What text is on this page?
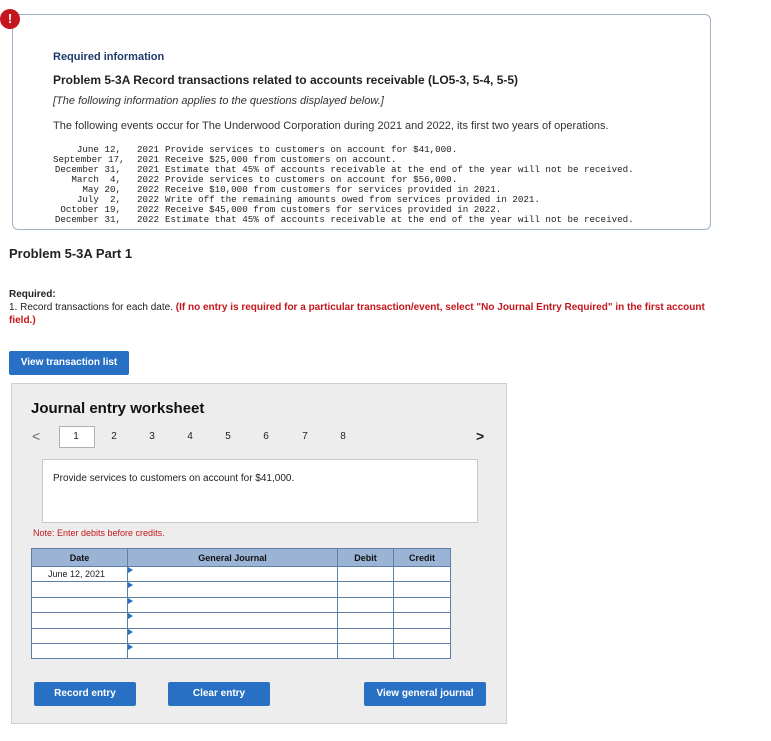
Required information
Problem 5-3A Record transactions related to accounts receivable (LO5-3, 5-4, 5-5)
[The following information applies to the questions displayed below.]
The following events occur for The Underwood Corporation during 2021 and 2022, its first two years of operations.
June 12,	2021 Provide services to customers on account for $41,000.
September 17,	2021 Receive $25,000 from customers on account.
December 31,	2021 Estimate that 45% of accounts receivable at the end of the year will not be received.
March  4,	2022 Provide services to customers on account for $56,000.
May 20,	2022 Receive $10,000 from customers for services provided in 2021.
July  2,	2022 Write off the remaining amounts owed from services provided in 2021.
October 19,	2022 Receive $45,000 from customers for services provided in 2022.
December 31,	2022 Estimate that 45% of accounts receivable at the end of the year will not be received.
!
Problem 5-3A Part 1
Required:
1. Record transactions for each date. (If no entry is required for a particular transaction/event, select "No Journal Entry Required" in the first account field.)
View transaction list
Journal entry worksheet
<	1	2	3	4	5	6	7	8	>
Provide services to customers on account for $41,000.
Note: Enter debits before credits.
Date	General Journal	Debit	Credit
June 12, 2021			

Record entry	Clear entry	View general journal
